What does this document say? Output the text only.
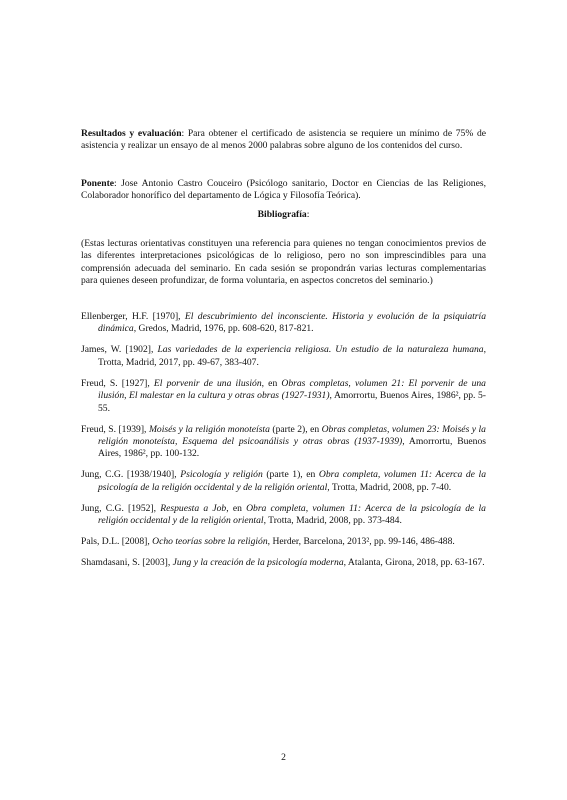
Resultados y evaluación: Para obtener el certificado de asistencia se requiere un mínimo de 75% de asistencia y realizar un ensayo de al menos 2000 palabras sobre alguno de los contenidos del curso.

Ponente: Jose Antonio Castro Couceiro (Psicólogo sanitario, Doctor en Ciencias de las Religiones, Colaborador honorífico del departamento de Lógica y Filosofía Teórica).

Bibliografía:

(Estas lecturas orientativas constituyen una referencia para quienes no tengan conocimientos previos de las diferentes interpretaciones psicológicas de lo religioso, pero no son imprescindibles para una comprensión adecuada del seminario. En cada sesión se propondrán varias lecturas complementarias para quienes deseen profundizar, de forma voluntaria, en aspectos concretos del seminario.)

Ellenberger, H.F. [1970], El descubrimiento del inconsciente. Historia y evolución de la psiquiatría dinámica, Gredos, Madrid, 1976, pp. 608-620, 817-821.
James, W. [1902], Las variedades de la experiencia religiosa. Un estudio de la naturaleza humana, Trotta, Madrid, 2017, pp. 49-67, 383-407.
Freud, S. [1927], El porvenir de una ilusión, en Obras completas, volumen 21: El porvenir de una ilusión, El malestar en la cultura y otras obras (1927-1931), Amorrortu, Buenos Aires, 1986², pp. 5-55.
Freud, S. [1939], Moisés y la religión monoteísta (parte 2), en Obras completas, volumen 23: Moisés y la religión monoteísta, Esquema del psicoanálisis y otras obras (1937-1939), Amorrortu, Buenos Aires, 1986², pp. 100-132.
Jung, C.G. [1938/1940], Psicología y religión (parte 1), en Obra completa, volumen 11: Acerca de la psicología de la religión occidental y de la religión oriental, Trotta, Madrid, 2008, pp. 7-40.
Jung, C.G. [1952], Respuesta a Job, en Obra completa, volumen 11: Acerca de la psicología de la religión occidental y de la religión oriental, Trotta, Madrid, 2008, pp. 373-484.
Pals, D.L. [2008], Ocho teorías sobre la religión, Herder, Barcelona, 2013², pp. 99-146, 486-488.
Shamdasani, S. [2003], Jung y la creación de la psicología moderna, Atalanta, Girona, 2018, pp. 63-167.
2
